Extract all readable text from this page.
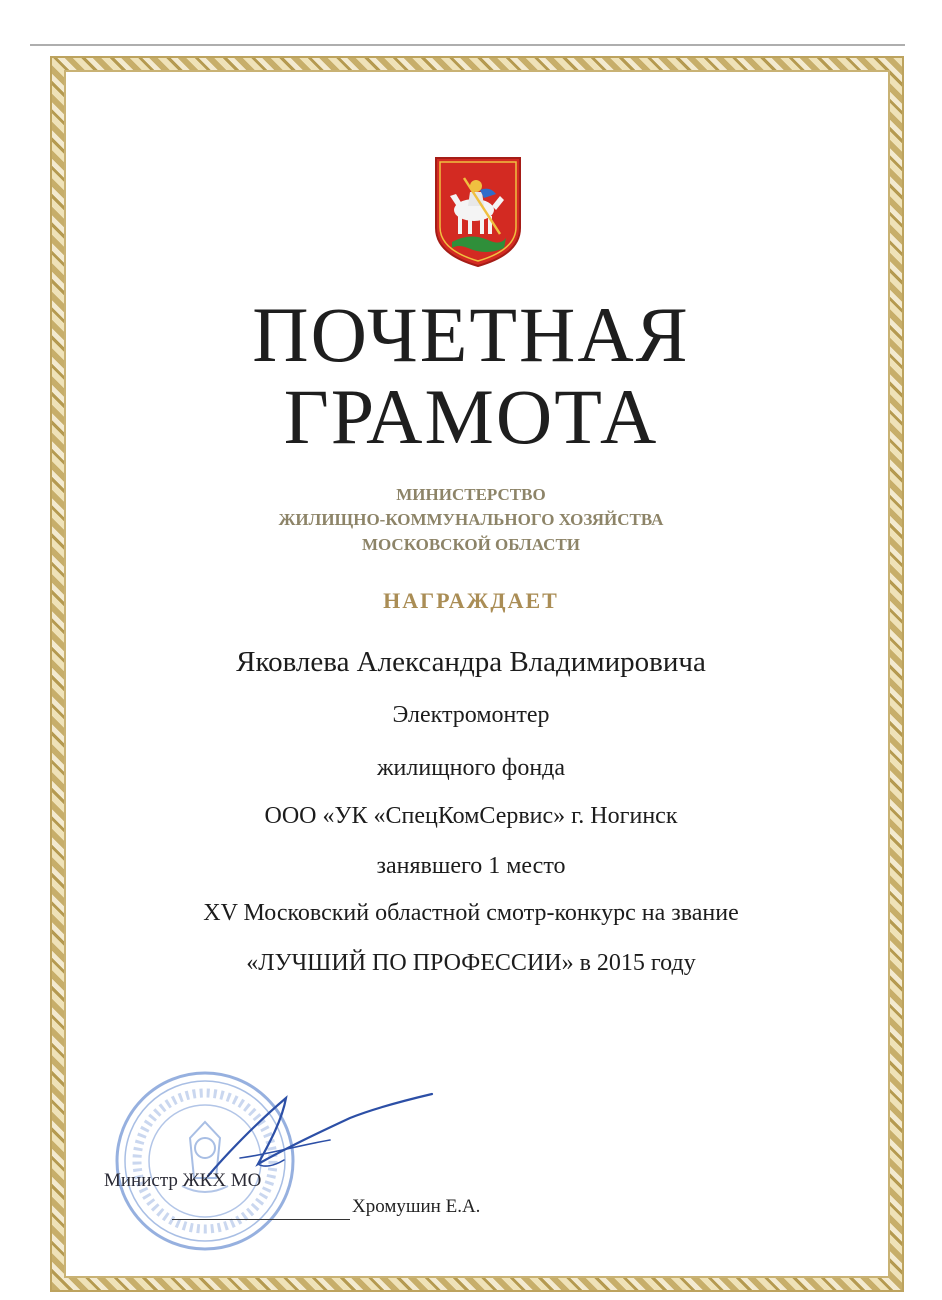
ПОЧЕТНАЯ
ГРАМОТА
МИНИСТЕРСТВО
ЖИЛИЩНО-КОММУНАЛЬНОГО ХОЗЯЙСТВА
МОСКОВСКОЙ ОБЛАСТИ
НАГРАЖДАЕТ
Яковлева Александра Владимировича
Электромонтер
жилищного фонда
ООО «УК «СпецКомСервис» г. Ногинск
занявшего 1 место
XV Московский областной смотр-конкурс на звание
«ЛУЧШИЙ ПО ПРОФЕССИИ» в 2015 году
Министр ЖКХ МО
Хромушин Е.А.
